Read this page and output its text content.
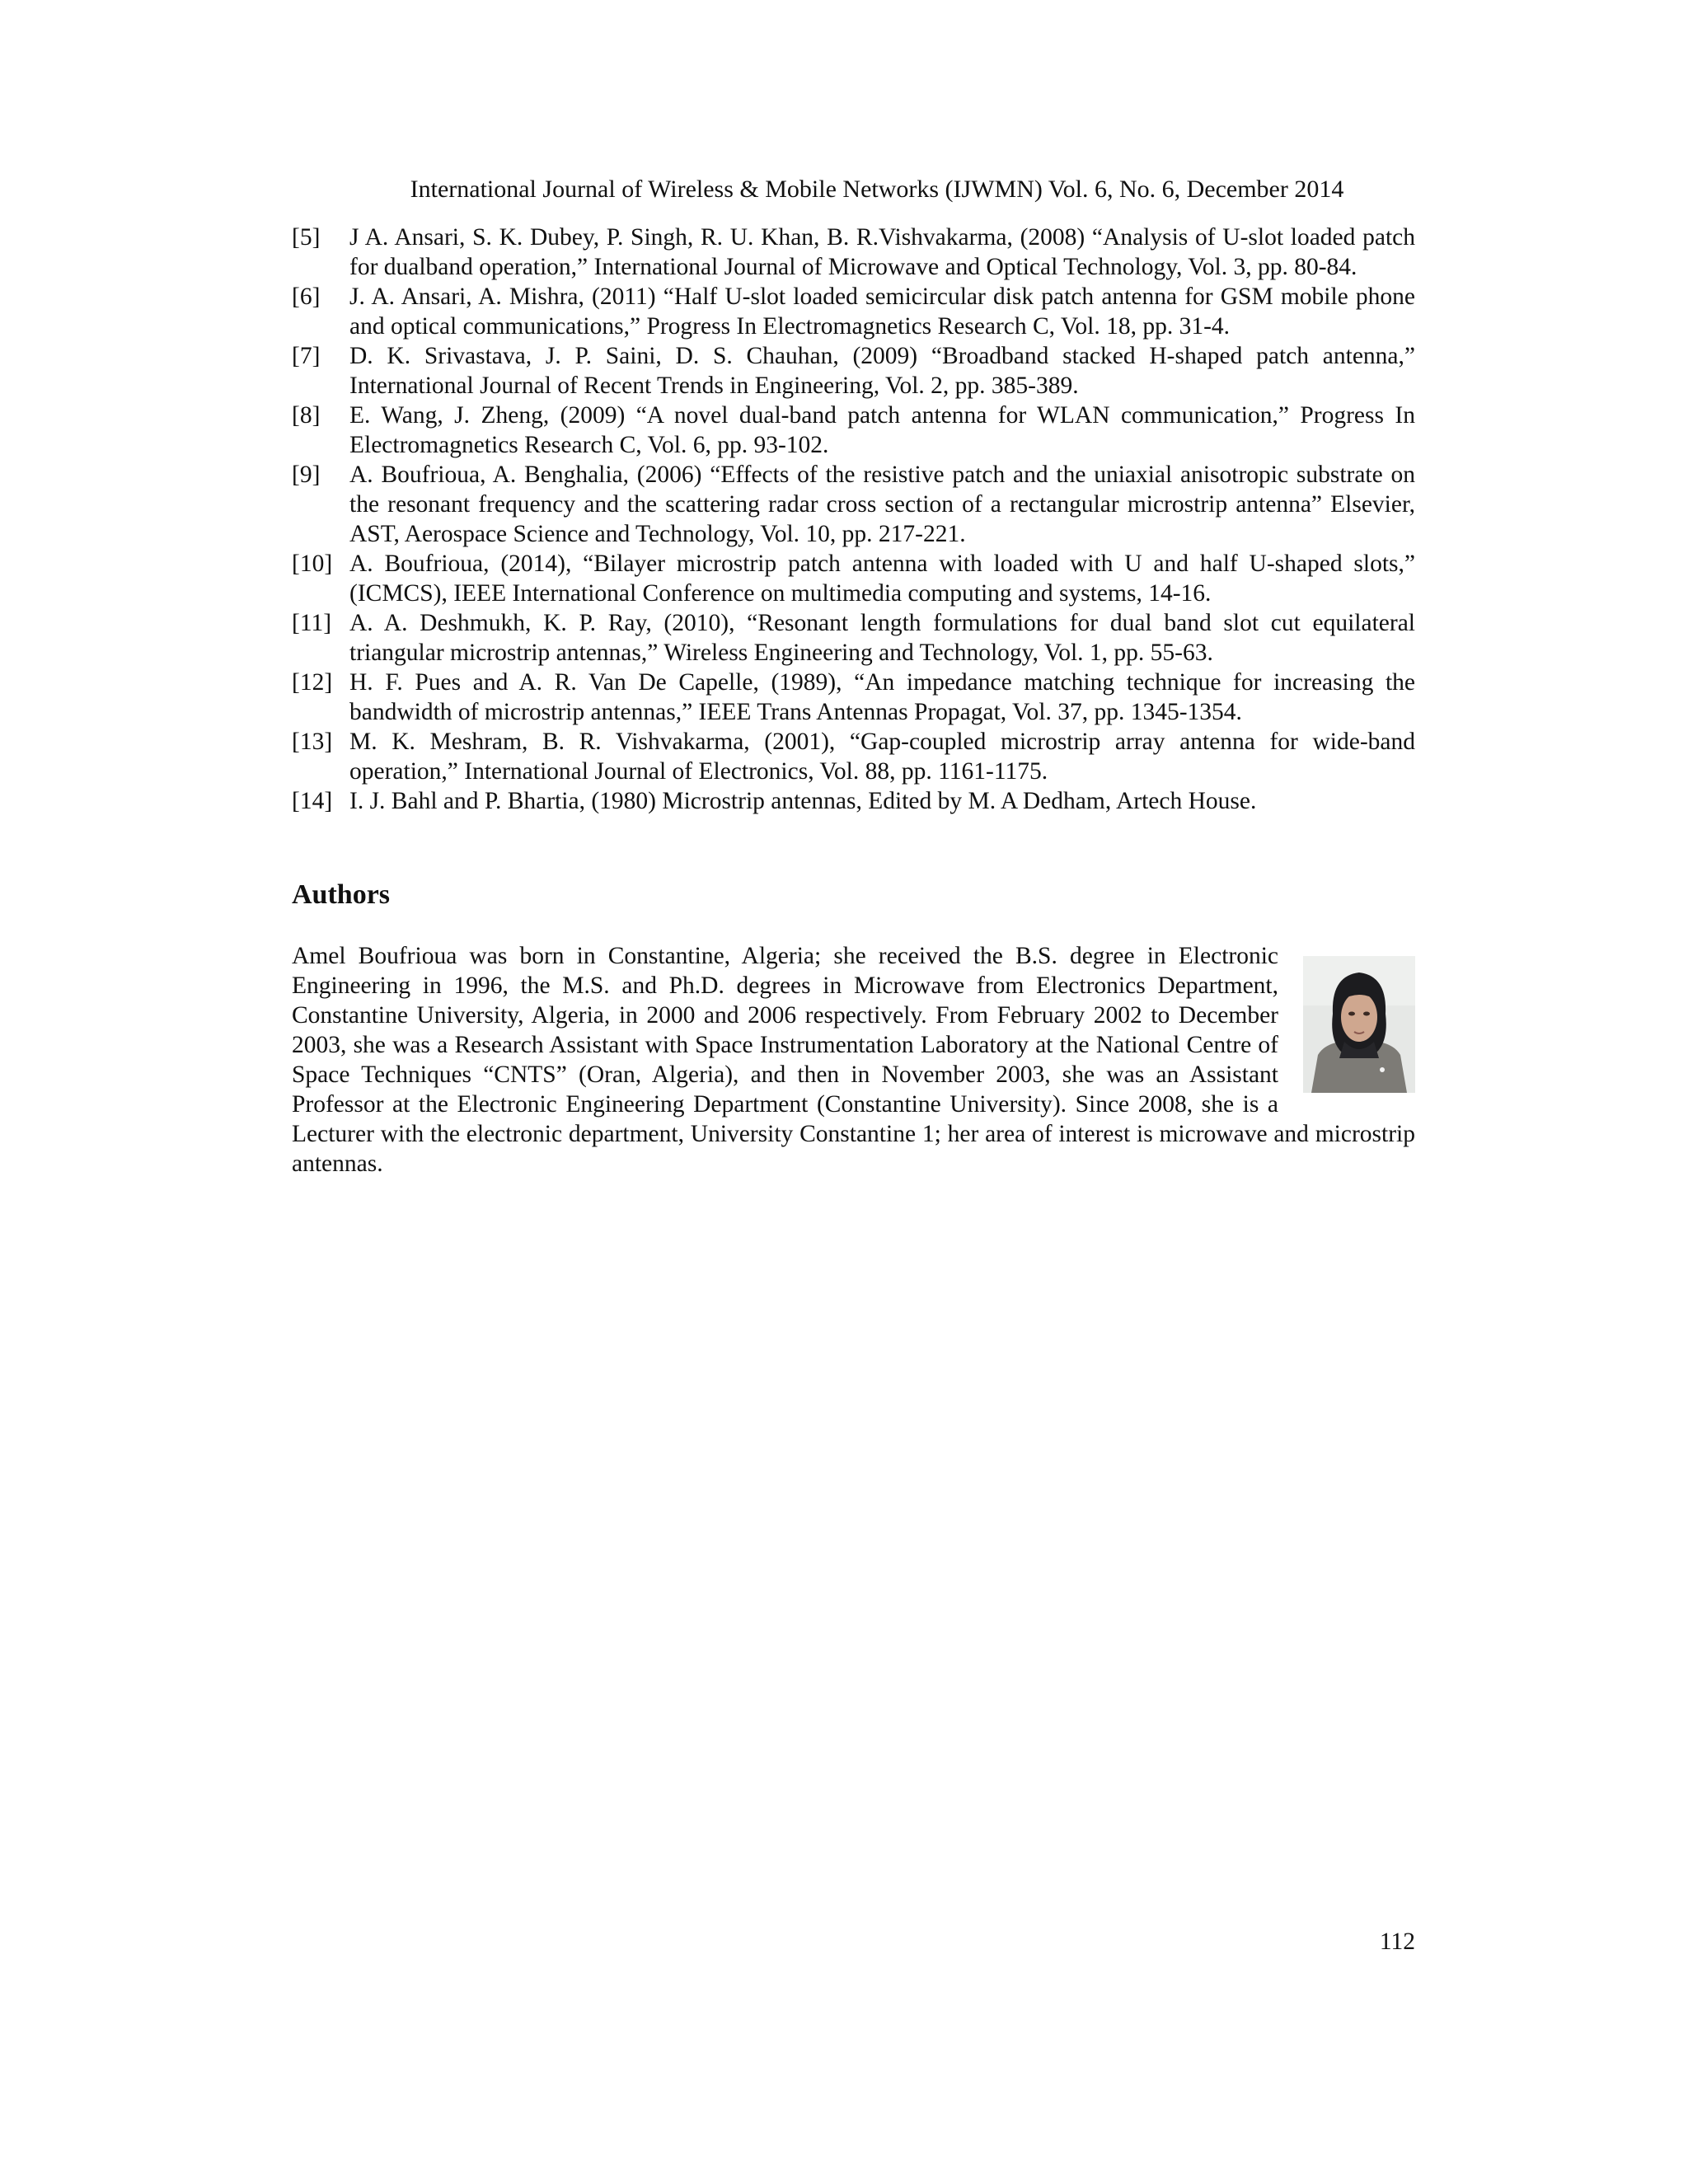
International Journal of Wireless & Mobile Networks (IJWMN) Vol. 6, No. 6, December 2014
[5]	J A. Ansari, S. K. Dubey, P. Singh, R. U. Khan, B. R.Vishvakarma, (2008) “Analysis of U-slot loaded patch for dualband operation,” International Journal of Microwave and Optical Technology, Vol. 3, pp. 80-84.
[6]	J. A. Ansari, A. Mishra, (2011) “Half U-slot loaded semicircular disk patch antenna for GSM mobile phone and optical communications,” Progress In Electromagnetics Research C, Vol. 18, pp. 31-4.
[7]	D. K. Srivastava, J. P. Saini, D. S. Chauhan, (2009) “Broadband stacked H-shaped patch antenna,” International Journal of Recent Trends in Engineering, Vol. 2, pp. 385-389.
[8]	E. Wang, J. Zheng, (2009) “A novel dual-band patch antenna for WLAN communication,” Progress In Electromagnetics Research C, Vol. 6, pp. 93-102.
[9]	A. Boufrioua, A. Benghalia, (2006) “Effects of the resistive patch and the uniaxial anisotropic substrate on the resonant frequency and the scattering radar cross section of a rectangular microstrip antenna” Elsevier, AST, Aerospace Science and Technology, Vol. 10, pp. 217-221.
[10] A. Boufrioua, (2014), “Bilayer microstrip patch antenna with loaded with U and half U-shaped slots,” (ICMCS), IEEE International Conference on multimedia computing and systems, 14-16.
[11] A. A. Deshmukh, K. P. Ray, (2010), “Resonant length formulations for dual band slot cut equilateral triangular microstrip antennas,” Wireless Engineering and Technology, Vol. 1, pp. 55-63.
[12] H. F. Pues and A. R. Van De Capelle, (1989), “An impedance matching technique for increasing the bandwidth of microstrip antennas,” IEEE Trans Antennas Propagat, Vol. 37, pp. 1345-1354.
[13] M. K. Meshram, B. R. Vishvakarma, (2001), “Gap-coupled microstrip array antenna for wide-band operation,” International Journal of Electronics, Vol. 88, pp. 1161-1175.
[14] I. J. Bahl and P. Bhartia, (1980) Microstrip antennas, Edited by M. A Dedham, Artech House.
Authors
Amel Boufrioua was born in Constantine, Algeria; she received the B.S. degree in Electronic Engineering in 1996, the M.S. and Ph.D. degrees in Microwave from Electronics Department, Constantine University, Algeria, in 2000 and 2006 respectively. From February 2002 to December 2003, she was a Research Assistant with Space Instrumentation Laboratory at the National Centre of Space Techniques “CNTS” (Oran, Algeria), and then in November 2003, she was an Assistant Professor at the Electronic Engineering Department (Constantine University). Since 2008, she is a Lecturer with the electronic department, University Constantine 1; her area of interest is microwave and microstrip antennas.
112
